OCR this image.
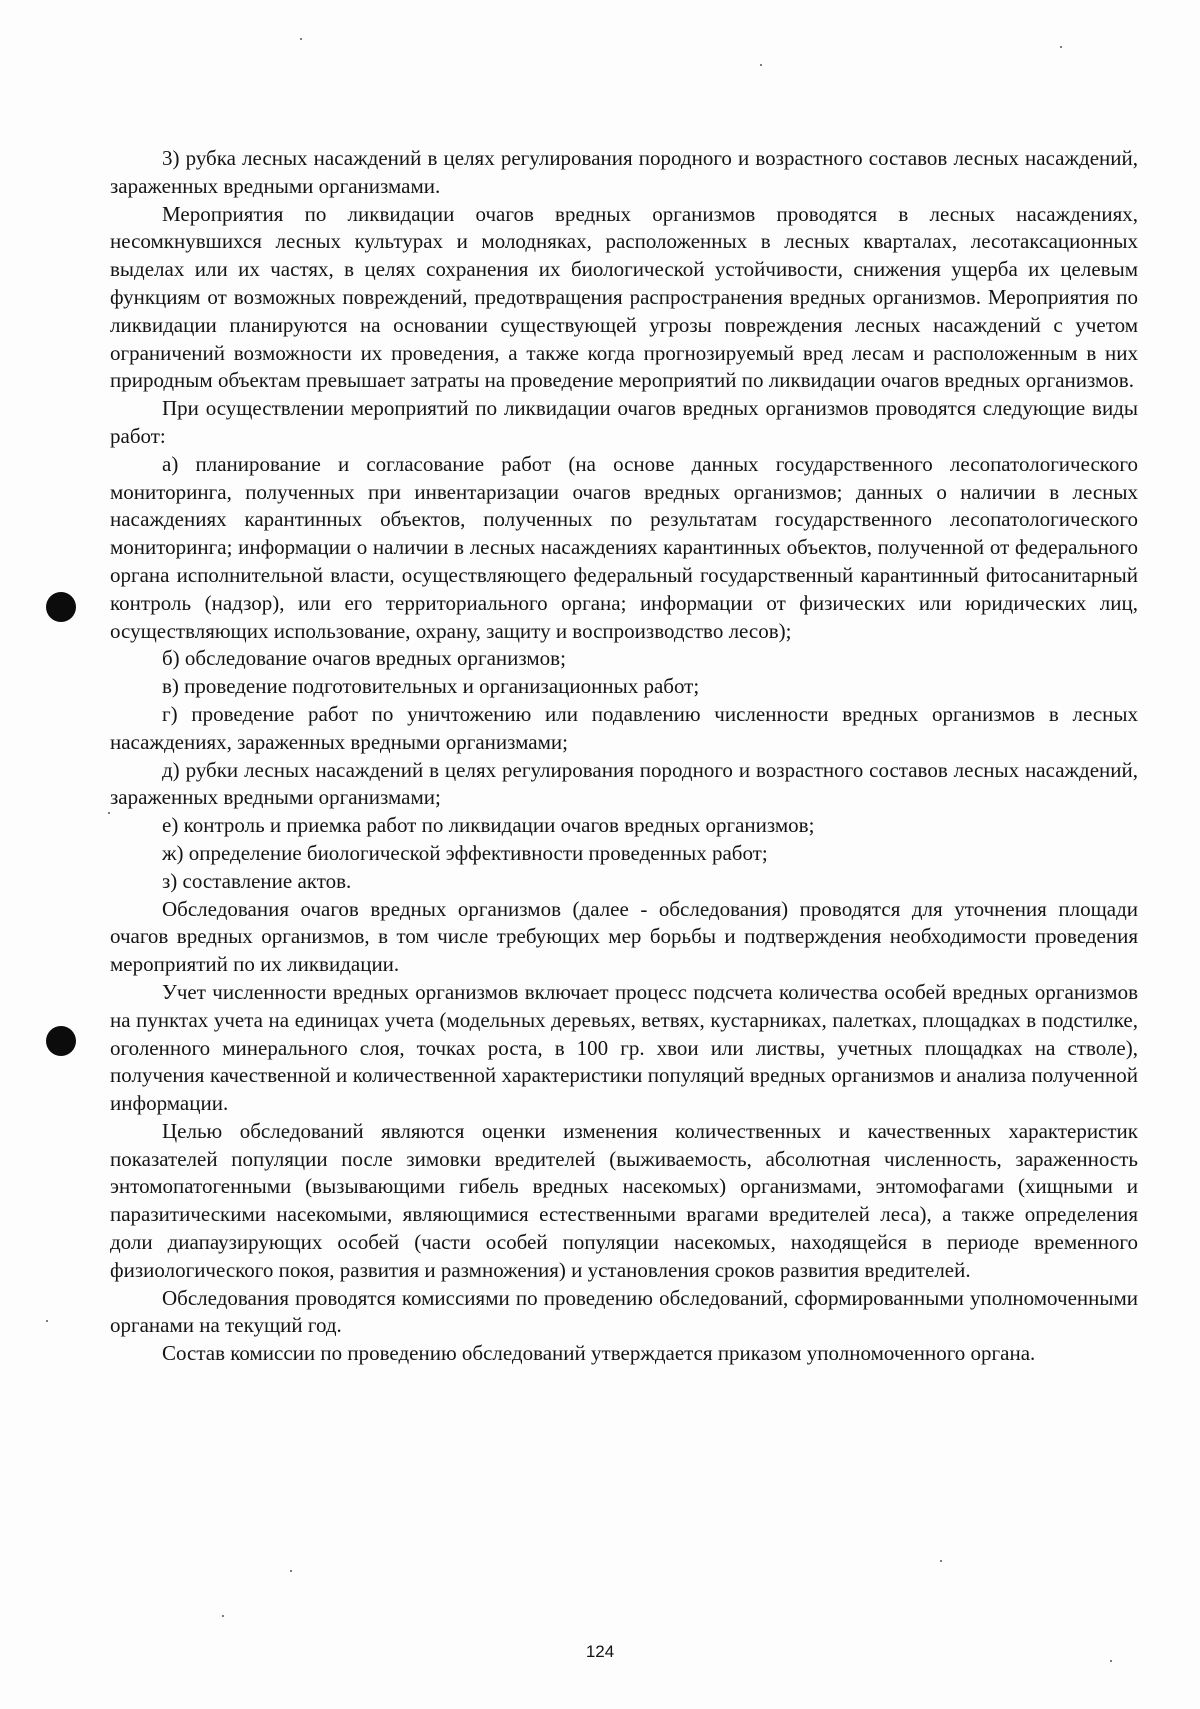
3) рубка лесных насаждений в целях регулирования породного и возрастного составов лесных насаждений, зараженных вредными организмами.

Мероприятия по ликвидации очагов вредных организмов проводятся в лесных насаждениях, несомкнувшихся лесных культурах и молодняках, расположенных в лесных кварталах, лесотаксационных выделах или их частях, в целях сохранения их биологической устойчивости, снижения ущерба их целевым функциям от возможных повреждений, предотвращения распространения вредных организмов. Мероприятия по ликвидации планируются на основании существующей угрозы повреждения лесных насаждений с учетом ограничений возможности их проведения, а также когда прогнозируемый вред лесам и расположенным в них природным объектам превышает затраты на проведение мероприятий по ликвидации очагов вредных организмов.

При осуществлении мероприятий по ликвидации очагов вредных организмов проводятся следующие виды работ:

а) планирование и согласование работ (на основе данных государственного лесопатологического мониторинга, полученных при инвентаризации очагов вредных организмов; данных о наличии в лесных насаждениях карантинных объектов, полученных по результатам государственного лесопатологического мониторинга; информации о наличии в лесных насаждениях карантинных объектов, полученной от федерального органа исполнительной власти, осуществляющего федеральный государственный карантинный фитосанитарный контроль (надзор), или его территориального органа; информации от физических или юридических лиц, осуществляющих использование, охрану, защиту и воспроизводство лесов);

б) обследование очагов вредных организмов;

в) проведение подготовительных и организационных работ;

г) проведение работ по уничтожению или подавлению численности вредных организмов в лесных насаждениях, зараженных вредными организмами;

д) рубки лесных насаждений в целях регулирования породного и возрастного составов лесных насаждений, зараженных вредными организмами;

е) контроль и приемка работ по ликвидации очагов вредных организмов;

ж) определение биологической эффективности проведенных работ;

з) составление актов.

Обследования очагов вредных организмов (далее - обследования) проводятся для уточнения площади очагов вредных организмов, в том числе требующих мер борьбы и подтверждения необходимости проведения мероприятий по их ликвидации.

Учет численности вредных организмов включает процесс подсчета количества особей вредных организмов на пунктах учета на единицах учета (модельных деревьях, ветвях, кустарниках, палетках, площадках в подстилке, оголенного минерального слоя, точках роста, в 100 гр. хвои или листвы, учетных площадках на стволе), получения качественной и количественной характеристики популяций вредных организмов и анализа полученной информации.

Целью обследований являются оценки изменения количественных и качественных характеристик показателей популяции после зимовки вредителей (выживаемость, абсолютная численность, зараженность энтомопатогенными (вызывающими гибель вредных насекомых) организмами, энтомофагами (хищными и паразитическими насекомыми, являющимися естественными врагами вредителей леса), а также определения доли диапаузирующих особей (части особей популяции насекомых, находящейся в периоде временного физиологического покоя, развития и размножения) и установления сроков развития вредителей.

Обследования проводятся комиссиями по проведению обследований, сформированными уполномоченными органами на текущий год.

Состав комиссии по проведению обследований утверждается приказом уполномоченного органа.

124
